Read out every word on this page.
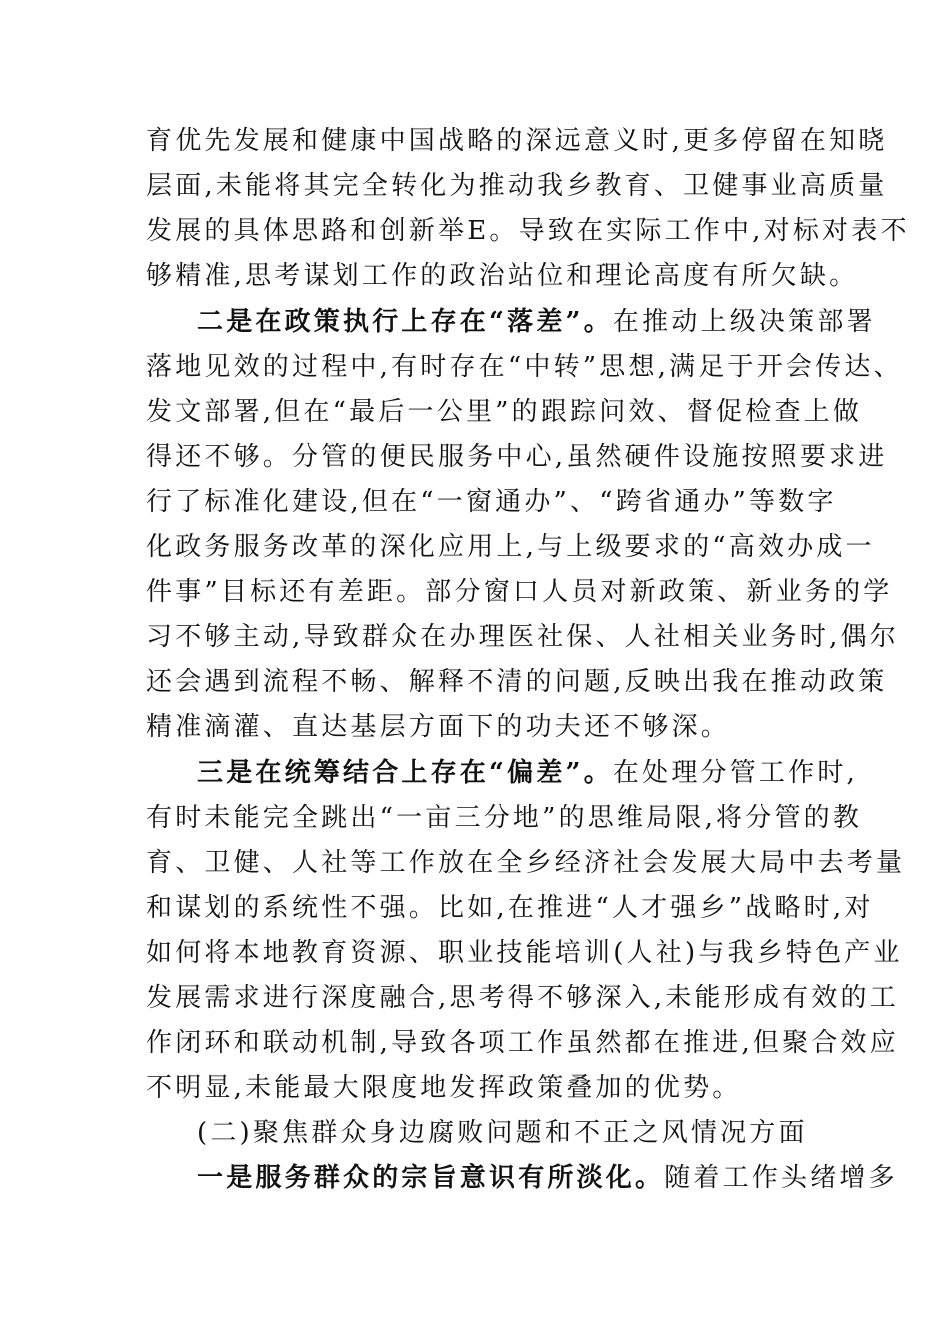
育优先发展和健康中国战略的深远意义时,更多停留在知晓
层面,未能将其完全转化为推动我乡教育、卫健事业高质量
发展的具体思路和创新举E。导致在实际工作中,对标对表不
够精准,思考谋划工作的政治站位和理论高度有所欠缺。
二是在政策执行上存在“落差”。在推动上级决策部署
落地见效的过程中,有时存在“中转”思想,满足于开会传达、
发文部署,但在“最后一公里”的跟踪问效、督促检查上做
得还不够。分管的便民服务中心,虽然硬件设施按照要求进
行了标准化建设,但在“一窗通办”、“跨省通办”等数字
化政务服务改革的深化应用上,与上级要求的“高效办成一
件事”目标还有差距。部分窗口人员对新政策、新业务的学
习不够主动,导致群众在办理医社保、人社相关业务时,偶尔
还会遇到流程不畅、解释不清的问题,反映出我在推动政策
精准滴灌、直达基层方面下的功夫还不够深。
三是在统筹结合上存在“偏差”。在处理分管工作时,
有时未能完全跳出“一亩三分地”的思维局限,将分管的教
育、卫健、人社等工作放在全乡经济社会发展大局中去考量
和谋划的系统性不强。比如,在推进“人才强乡”战略时,对
如何将本地教育资源、职业技能培训(人社)与我乡特色产业
发展需求进行深度融合,思考得不够深入,未能形成有效的工
作闭环和联动机制,导致各项工作虽然都在推进,但聚合效应
不明显,未能最大限度地发挥政策叠加的优势。
(二)聚焦群众身边腐败问题和不正之风情况方面
一是服务群众的宗旨意识有所淡化。随着工作头绪增多
